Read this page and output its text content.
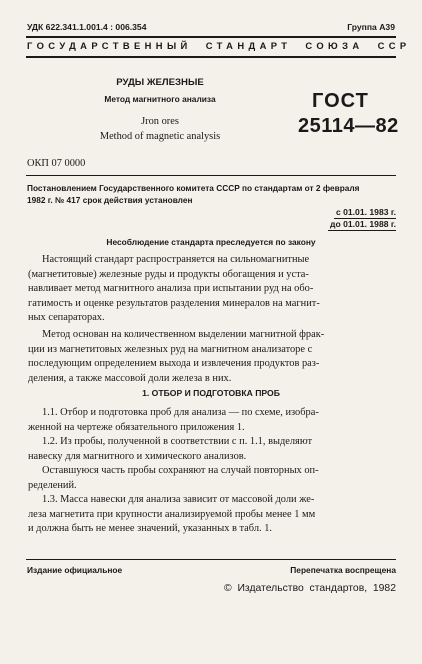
УДК 622.341.1.001.4 : 006.354	Группа А39
ГОСУДАРСТВЕННЫЙ  СТАНДАРТ  СОЮЗА  ССР
РУДЫ ЖЕЛЕЗНЫЕ
Метод магнитного анализа
Jron ores
Method of magnetic analysis
ГОСТ
25114—82
ОКП 07 0000
Постановлением Государственного комитета СССР по стандартам от 2 февраля
1982 г. № 417 срок действия установлен
с 01.01. 1983 г.
до 01.01. 1988 г.
Несоблюдение стандарта преследуется по закону
Настоящий стандарт распространяется на сильномагнитные
(магнетитовые) железные руды и продукты обогащения и уста-
навливает метод магнитного анализа при испытании руд на обо-
гатимость и оценке результатов разделения минералов на магнит-
ных сепараторах.
Метод основан на количественном выделении магнитной фрак-
ции из магнетитовых железных руд на магнитном анализаторе с
последующим определением выхода и извлечения продуктов раз-
деления, а также массовой доли железа в них.
1. ОТБОР И ПОДГОТОВКА ПРОБ
1.1. Отбор и подготовка проб для анализа — по схеме, изобра-
женной на чертеже обязательного приложения 1.
1.2. Из пробы, полученной в соответствии с п. 1.1, выделяют
навеску для магнитного и химического анализов.
Оставшуюся часть пробы сохраняют на случай повторных оп-
ределений.
1.3. Масса навески для анализа зависит от массовой доли же-
леза магнетита при крупности анализируемой пробы менее 1 мм
и должна быть не менее значений, указанных в табл. 1.
Издание официальное	Перепечатка воспрещена
©  Издательство  стандартов,  1982
